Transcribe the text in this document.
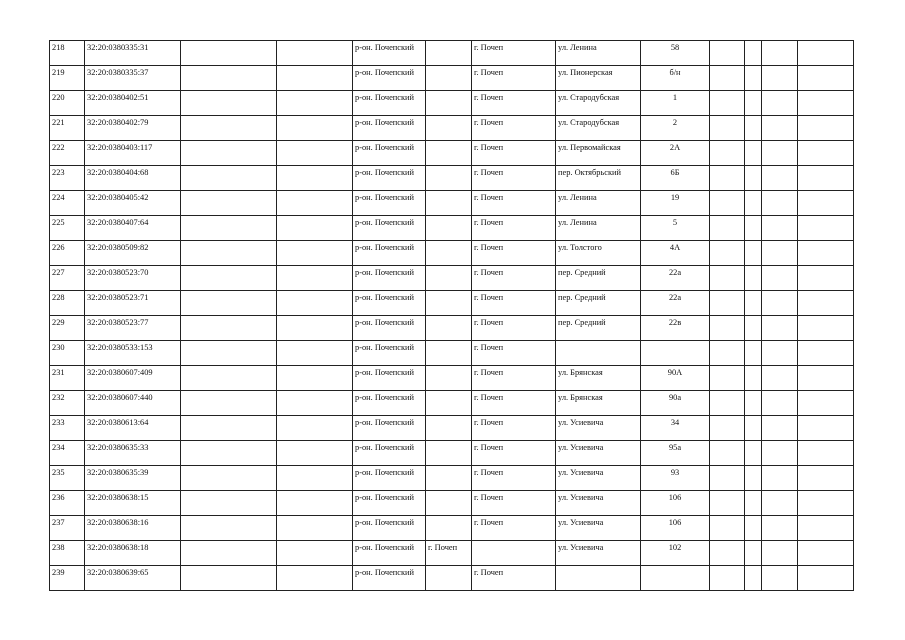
218	32:20:0380335:31			р-он. Почепский		г. Почеп	ул. Ленина	58				
219	32:20:0380335:37			р-он. Почепский		г. Почеп	ул. Пионерская	б/н				
220	32:20:0380402:51			р-он. Почепский		г. Почеп	ул. Стародубская	1				
221	32:20:0380402:79			р-он. Почепский		г. Почеп	ул. Стародубская	2				
222	32:20:0380403:117			р-он. Почепский		г. Почеп	ул. Первомайская	2А				
223	32:20:0380404:68			р-он. Почепский		г. Почеп	пер. Октябрьский	6Б				
224	32:20:0380405:42			р-он. Почепский		г. Почеп	ул. Ленина	19				
225	32:20:0380407:64			р-он. Почепский		г. Почеп	ул. Ленина	5				
226	32:20:0380509:82			р-он. Почепский		г. Почеп	ул. Толстого	4А				
227	32:20:0380523:70			р-он. Почепский		г. Почеп	пер. Средний	22а				
228	32:20:0380523:71			р-он. Почепский		г. Почеп	пер. Средний	22а				
229	32:20:0380523:77			р-он. Почепский		г. Почеп	пер. Средний	22в				
230	32:20:0380533:153			р-он. Почепский		г. Почеп						
231	32:20:0380607:409			р-он. Почепский		г. Почеп	ул. Брянская	90А				
232	32:20:0380607:440			р-он. Почепский		г. Почеп	ул. Брянская	90а				
233	32:20:0380613:64			р-он. Почепский		г. Почеп	ул. Усиевича	34				
234	32:20:0380635:33			р-он. Почепский		г. Почеп	ул. Усиевича	95а				
235	32:20:0380635:39			р-он. Почепский		г. Почеп	ул. Усиевича	93				
236	32:20:0380638:15			р-он. Почепский		г. Почеп	ул. Усиевича	106				
237	32:20:0380638:16			р-он. Почепский		г. Почеп	ул. Усиевича	106				
238	32:20:0380638:18			р-он. Почепский	г. Почеп		ул. Усиевича	102				
239	32:20:0380639:65			р-он. Почепский		г. Почеп						
